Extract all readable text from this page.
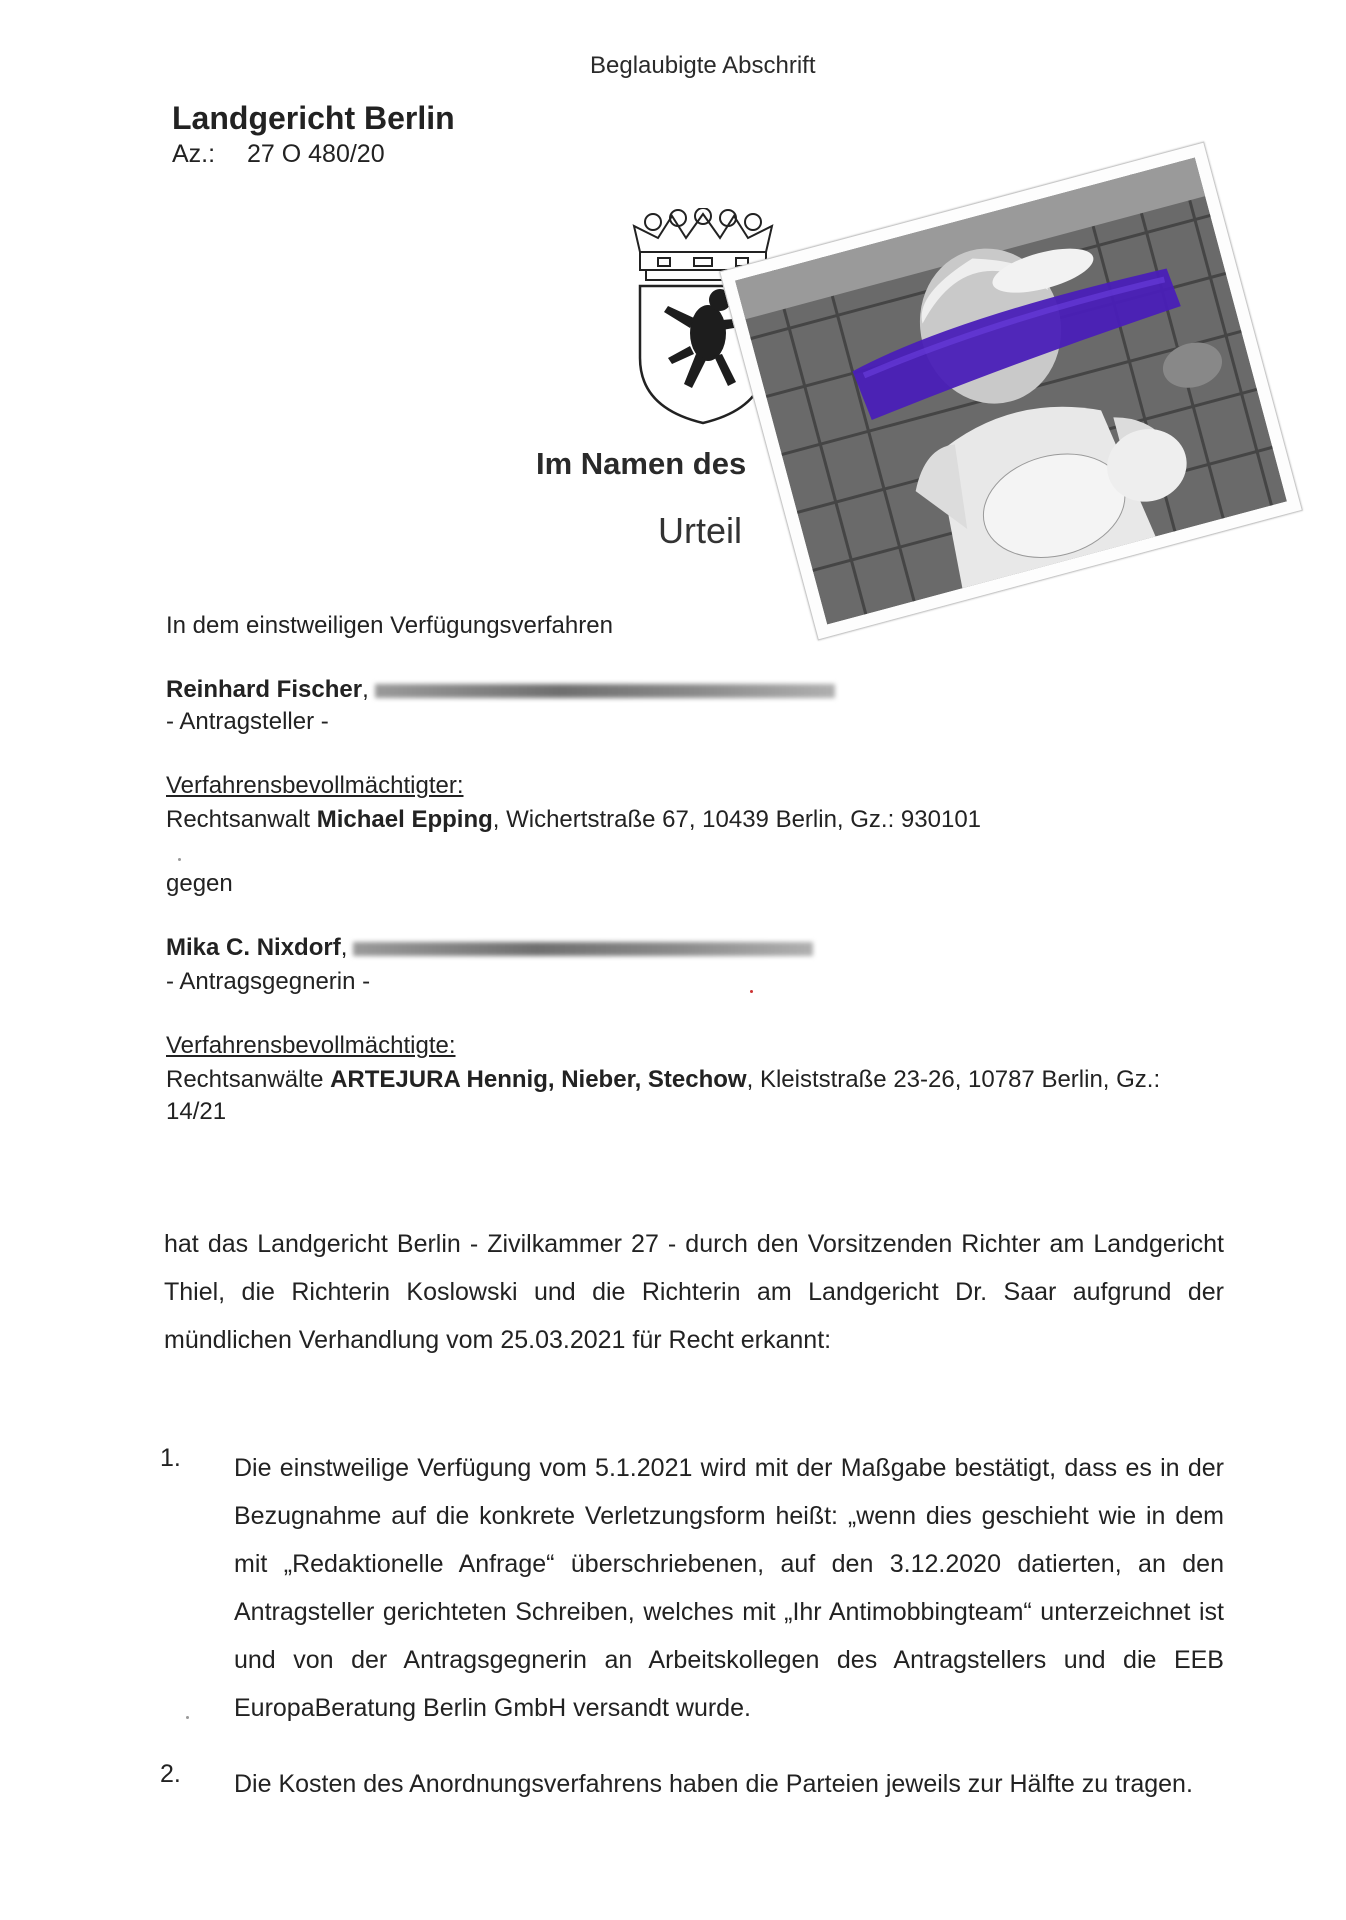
Beglaubigte Abschrift
Landgericht Berlin
Az.: 27 O 480/20
Im Namen des
Urteil
In dem einstweiligen Verfügungsverfahren
Reinhard Fischer,
- Antragsteller -
Verfahrensbevollmächtigter:
Rechtsanwalt Michael Epping, Wichertstraße 67, 10439 Berlin, Gz.: 930101
gegen
Mika C. Nixdorf,
- Antragsgegnerin -
Verfahrensbevollmächtigte:
Rechtsanwälte ARTEJURA Hennig, Nieber, Stechow, Kleiststraße 23-26, 10787 Berlin, Gz.:
14/21
hat das Landgericht Berlin - Zivilkammer 27 - durch den Vorsitzenden Richter am Landgericht Thiel, die Richterin Koslowski und die Richterin am Landgericht Dr. Saar aufgrund der mündlichen Verhandlung vom 25.03.2021 für Recht erkannt:
1. Die einstweilige Verfügung vom 5.1.2021 wird mit der Maßgabe bestätigt, dass es in der Bezugnahme auf die konkrete Verletzungsform heißt: „wenn dies geschieht wie in dem mit „Redaktionelle Anfrage“ überschriebenen, auf den 3.12.2020 datierten, an den Antragsteller gerichteten Schreiben, welches mit „Ihr Antimobbingteam“ unterzeichnet ist und von der Antragsgegnerin an Arbeitskollegen des Antragstellers und die EEB EuropaBeratung Berlin GmbH versandt wurde.
2. Die Kosten des Anordnungsverfahrens haben die Parteien jeweils zur Hälfte zu tragen.
